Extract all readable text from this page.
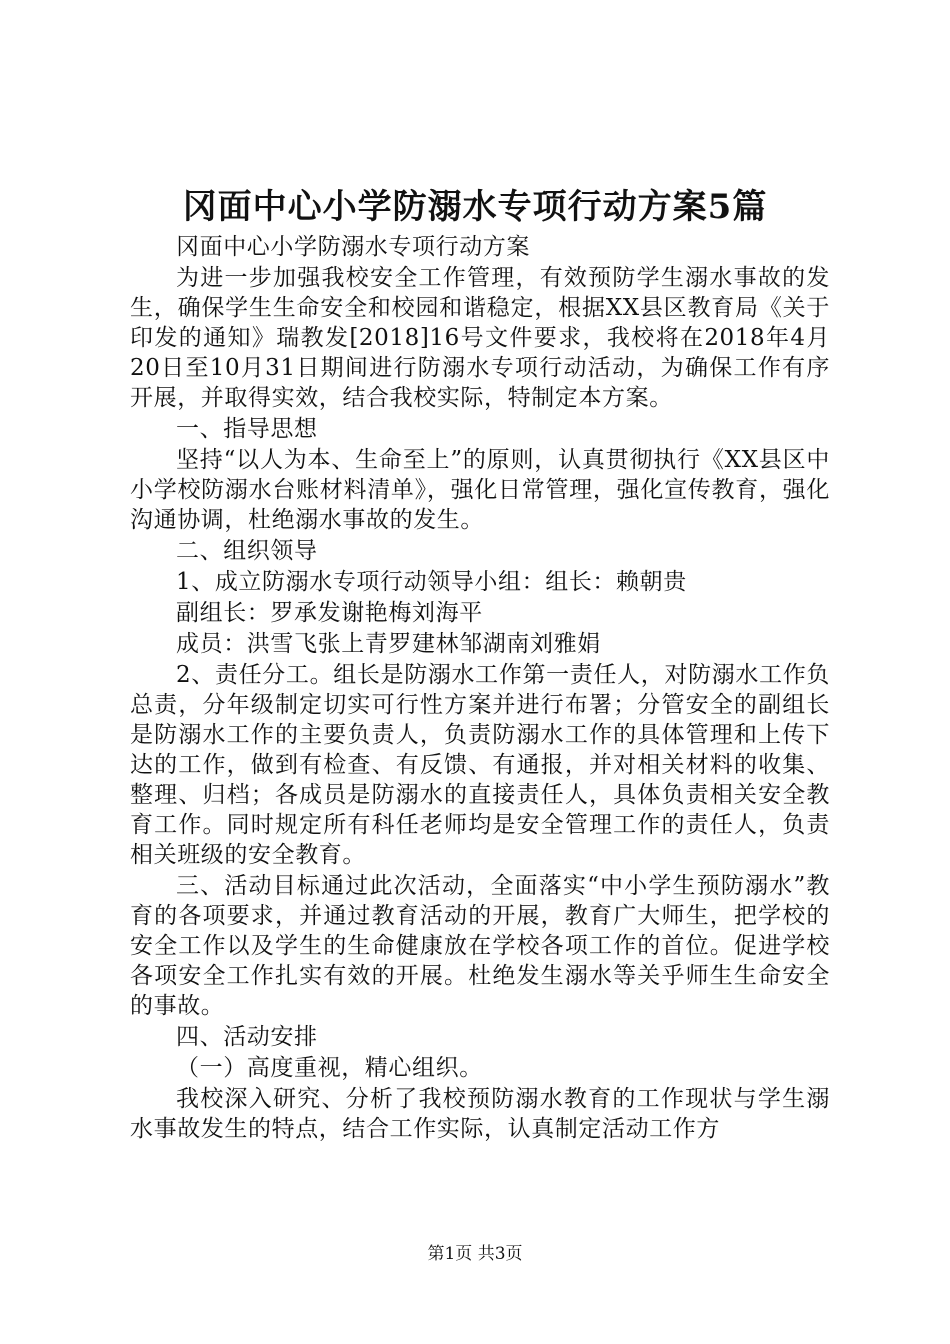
冈面中心小学防溺水专项行动方案5篇

冈面中心小学防溺水专项行动方案

为进一步加强我校安全工作管理，有效预防学生溺水事故的发生，确保学生生命安全和校园和谐稳定，根据XX县区教育局《关于印发的通知》瑞教发[2018]16号文件要求，我校将在2018年4月20日至10月31日期间进行防溺水专项行动活动，为确保工作有序开展，并取得实效，结合我校实际，特制定本方案。

一、指导思想

坚持“以人为本、生命至上”的原则，认真贯彻执行《XX县区中小学校防溺水台账材料清单》，强化日常管理，强化宣传教育，强化沟通协调，杜绝溺水事故的发生。

二、组织领导

1、成立防溺水专项行动领导小组：组长：赖朝贵

副组长：罗承发谢艳梅刘海平

成员：洪雪飞张上青罗建林邹湖南刘雅娟

2、责任分工。组长是防溺水工作第一责任人，对防溺水工作负总责，分年级制定切实可行性方案并进行布署；分管安全的副组长是防溺水工作的主要负责人，负责防溺水工作的具体管理和上传下达的工作，做到有检查、有反馈、有通报，并对相关材料的收集、整理、归档；各成员是防溺水的直接责任人，具体负责相关安全教育工作。同时规定所有科任老师均是安全管理工作的责任人，负责相关班级的安全教育。

三、活动目标通过此次活动，全面落实“中小学生预防溺水”教育的各项要求，并通过教育活动的开展，教育广大师生，把学校的安全工作以及学生的生命健康放在学校各项工作的首位。促进学校各项安全工作扎实有效的开展。杜绝发生溺水等关乎师生生命安全的事故。

四、活动安排

（一）高度重视，精心组织。

我校深入研究、分析了我校预防溺水教育的工作现状与学生溺水事故发生的特点，结合工作实际，认真制定活动工作方

第1页 共3页
